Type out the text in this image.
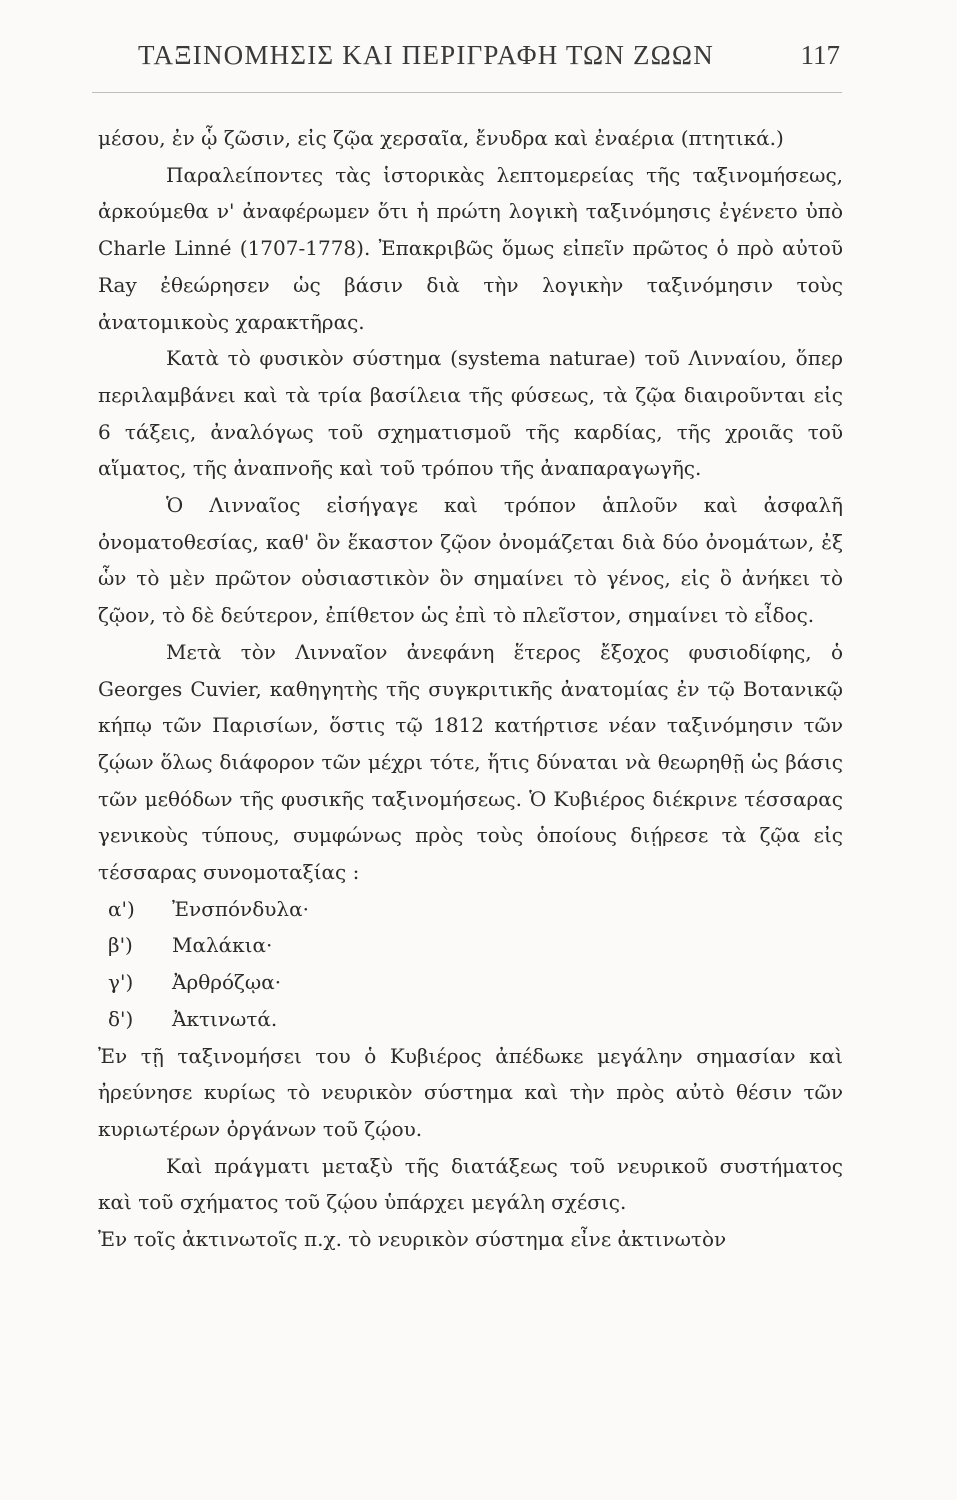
ΤΑΞΙΝΟΜΗΣΙΣ ΚΑΙ ΠΕΡΙΓΡΑΦΗ ΤΩΝ ΖΩΩΝ	117

μέσου, ἐν ᾧ ζῶσιν, εἰς ζῷα χερσαῖα, ἔνυδρα καὶ ἐναέρια (πτητικά.)

Παραλείποντες τὰς ἱστορικὰς λεπτομερείας τῆς ταξινομήσεως, ἀρκούμεθα ν' ἀναφέρωμεν ὅτι ἡ πρώτη λογικὴ ταξινόμησις ἐγένετο ὑπὸ Charle Linné (1707-1778). Ἐπακριβῶς ὅμως εἰπεῖν πρῶτος ὁ πρὸ αὐτοῦ Ray ἐθεώρησεν ὡς βάσιν διὰ τὴν λογικὴν ταξινόμησιν τοὺς ἀνατομικοὺς χαρακτῆρας.

Κατὰ τὸ φυσικὸν σύστημα (systema naturae) τοῦ Λινναίου, ὅπερ περιλαμβάνει καὶ τὰ τρία βασίλεια τῆς φύσεως, τὰ ζῷα διαιροῦνται εἰς 6 τάξεις, ἀναλόγως τοῦ σχηματισμοῦ τῆς καρδίας, τῆς χροιᾶς τοῦ αἵματος, τῆς ἀναπνοῆς καὶ τοῦ τρόπου τῆς ἀναπαραγωγῆς.

Ὁ Λινναῖος εἰσήγαγε καὶ τρόπον ἁπλοῦν καὶ ἀσφαλῆ ὀνοματοθεσίας, καθ' ὃν ἕκαστον ζῷον ὀνομάζεται διὰ δύο ὀνομάτων, ἐξ ὧν τὸ μὲν πρῶτον οὐσιαστικὸν ὃν σημαίνει τὸ γένος, εἰς ὃ ἀνήκει τὸ ζῷον, τὸ δὲ δεύτερον, ἐπίθετον ὡς ἐπὶ τὸ πλεῖστον, σημαίνει τὸ εἶδος.

Μετὰ τὸν Λινναῖον ἀνεφάνη ἕτερος ἔξοχος φυσιοδίφης, ὁ Georges Cuvier, καθηγητὴς τῆς συγκριτικῆς ἀνατομίας ἐν τῷ Βοτανικῷ κήπῳ τῶν Παρισίων, ὅστις τῷ 1812 κατήρτισε νέαν ταξινόμησιν τῶν ζῴων ὅλως διάφορον τῶν μέχρι τότε, ἥτις δύναται νὰ θεωρηθῇ ὡς βάσις τῶν μεθόδων τῆς φυσικῆς ταξινομήσεως. Ὁ Κυβιέρος διέκρινε τέσσαρας γενικοὺς τύπους, συμφώνως πρὸς τοὺς ὁποίους διῄρεσε τὰ ζῷα εἰς τέσσαρας συνομοταξίας :

α') Ἐνσπόνδυλα·
β') Μαλάκια·
γ') Ἀρθρόζῳα·
δ') Ἀκτινωτά.

Ἐν τῇ ταξινομήσει του ὁ Κυβιέρος ἀπέδωκε μεγάλην σημασίαν καὶ ἠρεύνησε κυρίως τὸ νευρικὸν σύστημα καὶ τὴν πρὸς αὐτὸ θέσιν τῶν κυριωτέρων ὀργάνων τοῦ ζῴου.

Καὶ πράγματι μεταξὺ τῆς διατάξεως τοῦ νευρικοῦ συστήματος καὶ τοῦ σχήματος τοῦ ζῴου ὑπάρχει μεγάλη σχέσις.

Ἐν τοῖς ἀκτινωτοῖς π.χ. τὸ νευρικὸν σύστημα εἶνε ἀκτινωτὸν
